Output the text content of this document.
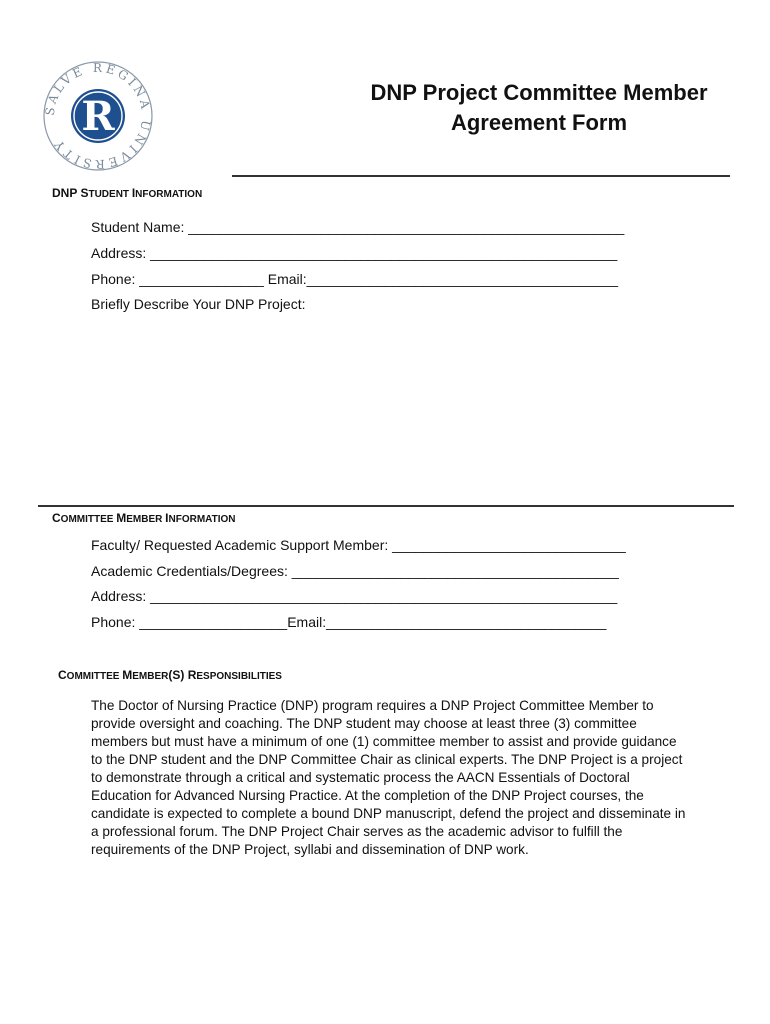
SALVE REGINA UNIVERSITY
R
DNP Project Committee Member
Agreement Form
DNP STUDENT INFORMATION
Student Name: ________________________________________________________
Address: ____________________________________________________________
Phone: ________________ Email:________________________________________
Briefly Describe Your DNP Project:
COMMITTEE MEMBER INFORMATION
Faculty/ Requested Academic Support Member: ______________________________
Academic Credentials/Degrees: __________________________________________
Address: ____________________________________________________________
Phone: ___________________Email:____________________________________
COMMITTEE MEMBER(S) RESPONSIBILITIES
The Doctor of Nursing Practice (DNP) program requires a DNP Project Committee Member to provide oversight and coaching. The DNP student may choose at least three (3) committee members but must have a minimum of one (1) committee member to assist and provide guidance to the DNP student and the DNP Committee Chair as clinical experts. The DNP Project is a project to demonstrate through a critical and systematic process the AACN Essentials of Doctoral Education for Advanced Nursing Practice. At the completion of the DNP Project courses, the candidate is expected to complete a bound DNP manuscript, defend the project and disseminate in a professional forum. The DNP Project Chair serves as the academic advisor to fulfill the requirements of the DNP Project, syllabi and dissemination of DNP work.
